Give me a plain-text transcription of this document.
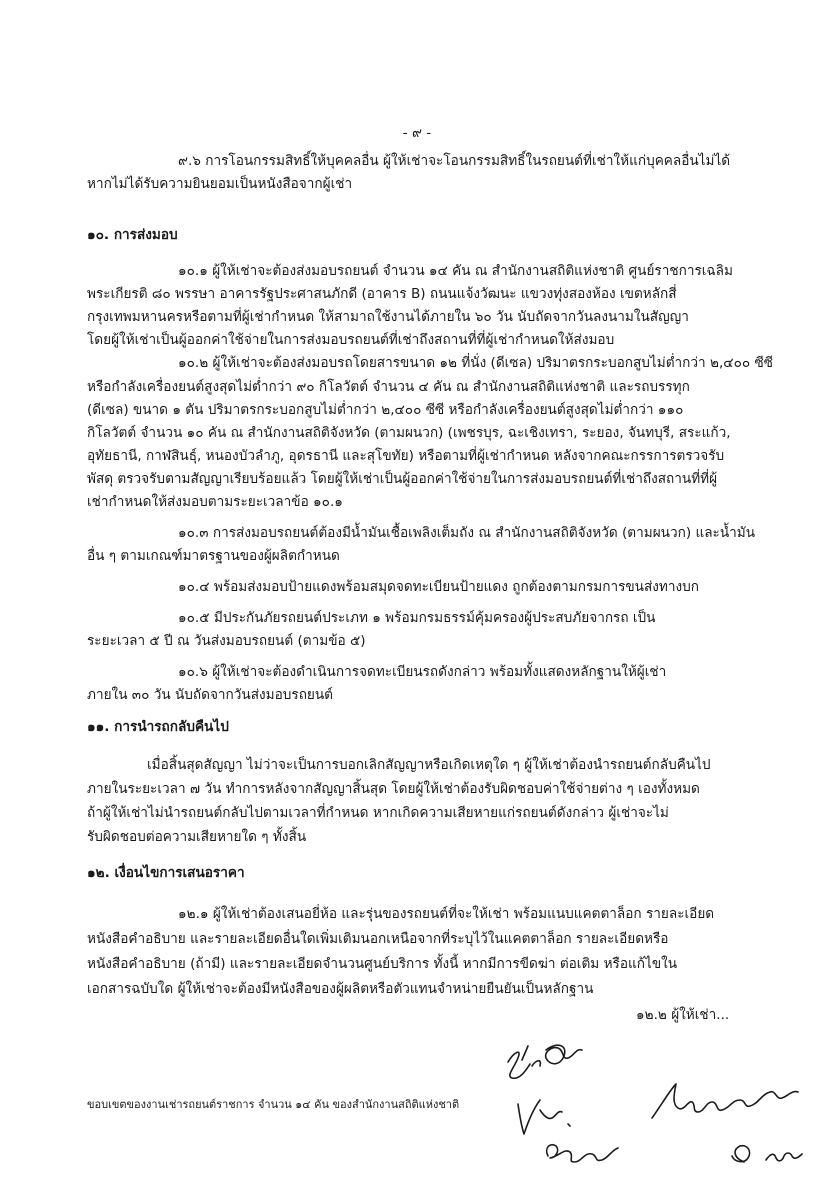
- ๙ -
๙.๖ การโอนกรรมสิทธิ์ให้บุคคลอื่น ผู้ให้เช่าจะโอนกรรมสิทธิ์ในรถยนต์ที่เช่าให้แก่บุคคลอื่นไม่ได้
หากไม่ได้รับความยินยอมเป็นหนังสือจากผู้เช่า
๑๐. การส่งมอบ
๑๐.๑ ผู้ให้เช่าจะต้องส่งมอบรถยนต์ จำนวน ๑๔ คัน ณ สำนักงานสถิติแห่งชาติ ศูนย์ราชการเฉลิม
พระเกียรติ ๘๐ พรรษา อาคารรัฐประศาสนภักดี (อาคาร B) ถนนแจ้งวัฒนะ แขวงทุ่งสองห้อง เขตหลักสี่
กรุงเทพมหานครหรือตามที่ผู้เช่ากำหนด ให้สามาถใช้งานได้ภายใน ๖๐ วัน นับถัดจากวันลงนามในสัญญา
โดยผู้ให้เช่าเป็นผู้ออกค่าใช้จ่ายในการส่งมอบรถยนต์ที่เช่าถึงสถานที่ที่ผู้เช่ากำหนดให้ส่งมอบ
๑๐.๒ ผู้ให้เช่าจะต้องส่งมอบรถโดยสารขนาด ๑๒ ที่นั่ง (ดีเซล) ปริมาตรกระบอกสูบไม่ต่ำกว่า ๒,๔๐๐ ซีซี
หรือกำลังเครื่องยนต์สูงสุดไม่ต่ำกว่า ๙๐ กิโลวัตต์ จำนวน ๔ คัน ณ สำนักงานสถิติแห่งชาติ และรถบรรทุก
(ดีเซล) ขนาด ๑ ตัน ปริมาตรกระบอกสูบไม่ต่ำกว่า ๒,๔๐๐ ซีซี หรือกำลังเครื่องยนต์สูงสุดไม่ต่ำกว่า ๑๑๐
กิโลวัตต์ จำนวน ๑๐ คัน ณ สำนักงานสถิติจังหวัด (ตามผนวก) (เพชรบุร, ฉะเชิงเทรา, ระยอง, จันทบุรี, สระแก้ว,
อุทัยธานี, กาฬสินธุ์, หนองบัวลำภู, อุดรธานี และสุโขทัย) หรือตามที่ผู้เช่ากำหนด หลังจากคณะกรรการตรวจรับ
พัสดุ ตรวจรับตามสัญญาเรียบร้อยแล้ว โดยผู้ให้เช่าเป็นผู้ออกค่าใช้จ่ายในการส่งมอบรถยนต์ที่เช่าถึงสถานที่ที่ผู้
เช่ากำหนดให้ส่งมอบตามระยะเวลาข้อ ๑๐.๑
๑๐.๓ การส่งมอบรถยนต์ต้องมีน้ำมันเชื้อเพลิงเต็มถัง ณ สำนักงานสถิติจังหวัด (ตามผนวก) และน้ำมัน
อื่น ๆ ตามเกณฑ์มาตรฐานของผู้ผลิตกำหนด
๑๐.๔ พร้อมส่งมอบป้ายแดงพร้อมสมุดจดทะเบียนป้ายแดง ถูกต้องตามกรมการขนส่งทางบก
๑๐.๕ มีประกันภัยรถยนต์ประเภท ๑ พร้อมกรมธรรม์คุ้มครองผู้ประสบภัยจากรถ เป็น
ระยะเวลา ๕ ปี ณ วันส่งมอบรถยนต์ (ตามข้อ ๕)
๑๐.๖ ผู้ให้เช่าจะต้องดำเนินการจดทะเบียนรถดังกล่าว พร้อมทั้งแสดงหลักฐานให้ผู้เช่า
ภายใน ๓๐ วัน นับถัดจากวันส่งมอบรถยนต์
๑๑. การนำรถกลับคืนไป
เมื่อสิ้นสุดสัญญา ไม่ว่าจะเป็นการบอกเลิกสัญญาหรือเกิดเหตุใด ๆ ผู้ให้เช่าต้องนำรถยนต์กลับคืนไป
ภายในระยะเวลา ๗ วัน ทำการหลังจากสัญญาสิ้นสุด โดยผู้ให้เช่าต้องรับผิดชอบค่าใช้จ่ายต่าง ๆ เองทั้งหมด
ถ้าผู้ให้เช่าไม่นำรถยนต์กลับไปตามเวลาที่กำหนด หากเกิดความเสียหายแก่รถยนต์ดังกล่าว ผู้เช่าจะไม่
รับผิดชอบต่อความเสียหายใด ๆ ทั้งสิ้น
๑๒. เงื่อนไขการเสนอราคา
๑๒.๑ ผู้ให้เช่าต้องเสนอยี่ห้อ และรุ่นของรถยนต์ที่จะให้เช่า พร้อมแนบแคตตาล็อก รายละเอียด
หนังสือคำอธิบาย และรายละเอียดอื่นใดเพิ่มเติมนอกเหนือจากที่ระบุไว้ในแคตตาล็อก รายละเอียดหรือ
หนังสือคำอธิบาย (ถ้ามี) และรายละเอียดจำนวนศูนย์บริการ ทั้งนี้ หากมีการขีดฆ่า ต่อเติม หรือแก้ไขใน
เอกสารฉบับใด ผู้ให้เช่าจะต้องมีหนังสือของผู้ผลิตหรือตัวแทนจำหน่ายยืนยันเป็นหลักฐาน
๑๒.๒ ผู้ให้เช่า...
ขอบเขตของงานเช่ารถยนต์ราชการ จำนวน ๑๔ คัน ของสำนักงานสถิติแห่งชาติ
